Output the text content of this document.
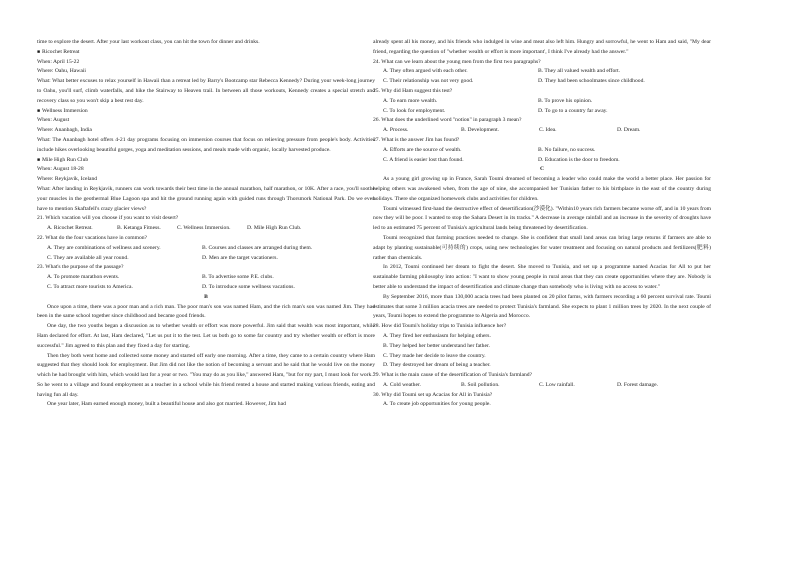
time to explore the desert. After your last workout class, you can hit the town for dinner and drinks.
■ Ricochet Retreat
When: April 15-22
Where: Oahu, Hawaii
What: What better excuses to relax yourself in Hawaii than a retreat led by Barry's Bootcamp star Rebecca Kennedy? During your week-long journey to Oahu, you'll surf, climb waterfalls, and hike the Stairway to Heaven trail. In between all those workouts, Kennedy creates a special stretch and recovery class so you won't skip a best rest day.
■ Wellness Immersion
When: August
Where: Ananbagh, India
What: The Ananbagh hotel offers 4-21 day programs focusing on immersion courses that focus on relieving pressure from people's body. Activities include hikes overlooking beautiful gorges, yoga and meditation sessions, and meals made with organic, locally harvested produce.
■ Mile High Run Club
When: August 18-28
Where: Reykjavik, Iceland
What: After landing in Reykjavik, runners can work towards their best time in the annual marathon, half marathon, or 10K. After a race, you'll soothe your muscles in the geothermal Blue Lagoon spa and hit the ground running again with guided runs through Thorsmork National Park. Do we even have to mention Skaftafell's crazy glacier views?
21. Which vacation will you choose if you want to visit desert?
A. Ricochet Retreat.	B. Ketanga Fitness.	C. Wellness Immersion.	D. Mile High Run Club.
22. What do the four vacations have in common?
A. They are combinations of wellness and scenery.	B. Courses and classes are arranged during them.
C. They are available all year round.	D. Men are the target vacationers.
23. What's the purpose of the passage?
A. To promote marathon events.	B. To advertise some P.E. clubs.
C. To attract more tourists to America.	D. To introduce some wellness vacations.
B
Once upon a time, there was a poor man and a rich man. The poor man's son was named Ham, and the rich man's son was named Jim. They had been in the same school together since childhood and became good friends.
One day, the two youths began a discussion as to whether wealth or effort was more powerful. Jim said that wealth was most important, while Ham declared for effort. At last, Ham declared, "Let us put it to the test. Let us both go to some far country and try whether wealth or effort is more successful." Jim agreed to this plan and they fixed a day for starting.
Then they both went home and collected some money and started off early one morning. After a time, they came to a certain country where Ham suggested that they should look for employment. But Jim did not like the notion of becoming a servant and he said that he would live on the money which he had brought with him, which would last for a year or two. "You may do as you like," answered Ham, "but for my part, I must look for work." So he went to a village and found employment as a teacher in a school while his friend rented a house and started making various friends, eating and having fun all day.
One year later, Ham earned enough money, built a beautiful house and also got married. However, Jim had
already spent all his money, and his friends who indulged in wine and meat also left him. Hungry and sorrowful, he went to Ham and said, "My dear friend, regarding the question of "whether wealth or effort is more important', I think I've already had the answer."
24. What can we learn about the young men from the first two paragraphs?
A. They often argued with each other.	B. They all valued wealth and effort.
C. Their relationship was not very good.	D. They had been schoolmates since childhood.
25. Why did Ham suggest this test?
A. To earn more wealth.	B. To prove his opinion.
C. To look for employment.	D. To go to a country far away.
26. What does the underlined word "notion" in paragraph 3 mean?
A. Process.	B. Development.	C. Idea.	D. Dream.
27. What is the answer Jim has found?
A. Efforts are the source of wealth.	B. No failure, no success.
C. A friend is easier lost than found.	D. Education is the door to freedom.
C
As a young girl growing up in France, Sarah Toumi dreamed of becoming a leader who could make the world a better place. Her passion for helping others was awakened when, from the age of nine, she accompanied her Tunisian father to his birthplace in the east of the country during holidays. There she organized homework clubs and activities for children.
Toumi witnessed first-hand the destructive effect of desertification(沙漠化). "Within10 years rich farmers became worse off, and in 10 years from now they will be poor. I wanted to stop the Sahara Desert in its tracks." A decrease in average rainfall and an increase in the severity of droughts have led to an estimated 75 percent of Tunisia's agricultural lands being threatened by desertification.
Toumi recognized that farming practices needed to change. She is confident that small land areas can bring large returns if farmers are able to adapt by planting sustainable(可持续的) crops, using new technologies for water treatment and focusing on natural products and fertilizers(肥料) rather than chemicals.
In 2012, Toumi continued her dream to fight the desert. She moved to Tunisia, and set up a programme named Acacias for All to put her sustainable farming philosophy into action: "I want to show young people in rural areas that they can create opportunities where they are. Nobody is better able to understand the impact of desertification and climate change than somebody who is living with no access to water."
By September 2016, more than 130,000 acacia trees had been planted on 20 pilot farms, with farmers recording a 60 percent survival rate. Toumi estimates that some 3 million acacia trees are needed to protect Tunisia's farmland. She expects to plant 1 million trees by 2020. In the next couple of years, Toumi hopes to extend the programme to Algeria and Morocco.
28. How did Toumi's holiday trips to Tunisia influence her?
A. They fired her enthusiasm for helping others.
B. They helped her better understand her father.
C. They made her decide to leave the country.
D. They destroyed her dream of being a teacher.
29. What is the main cause of the desertification of Tunisia's farmland?
A. Cold weather.	B. Soil pollution.	C. Low rainfall.	D. Forest damage.
30. Why did Toumi set up Acacias for All in Tunisia?
A. To create job opportunities for young people.
